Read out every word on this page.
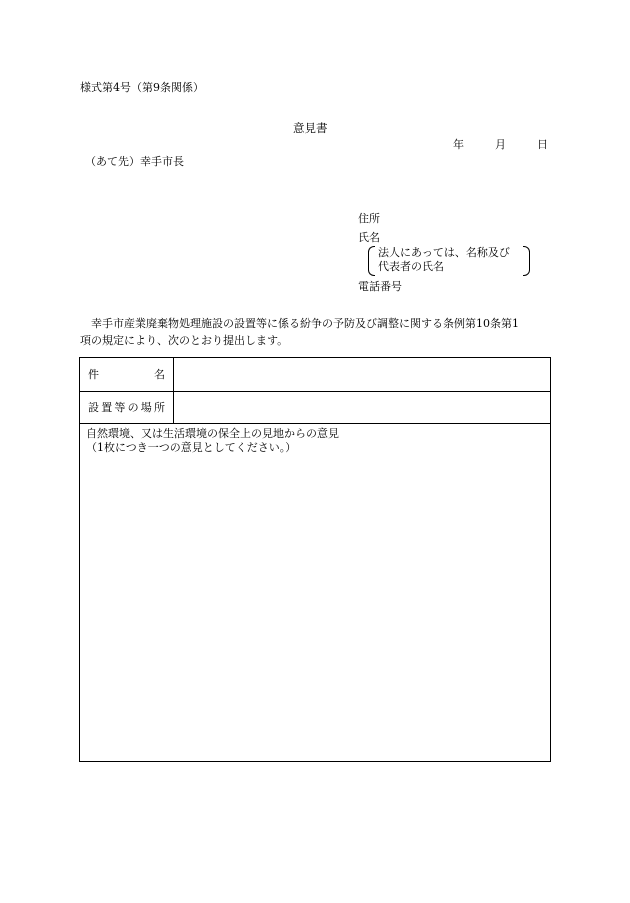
様式第4号（第9条関係）
意見書
年	月	日
（あて先）幸手市長
住所
氏名
法人にあっては、名称及び
代表者の氏名
電話番号

幸手市産業廃棄物処理施設の設置等に係る紛争の予防及び調整に関する条例第10条第1

項の規定により、次のとおり提出します。

件	名
設 置 等 の 場 所
自然環境、又は生活環境の保全上の見地からの意見
（1枚につき一つの意見としてください。）
